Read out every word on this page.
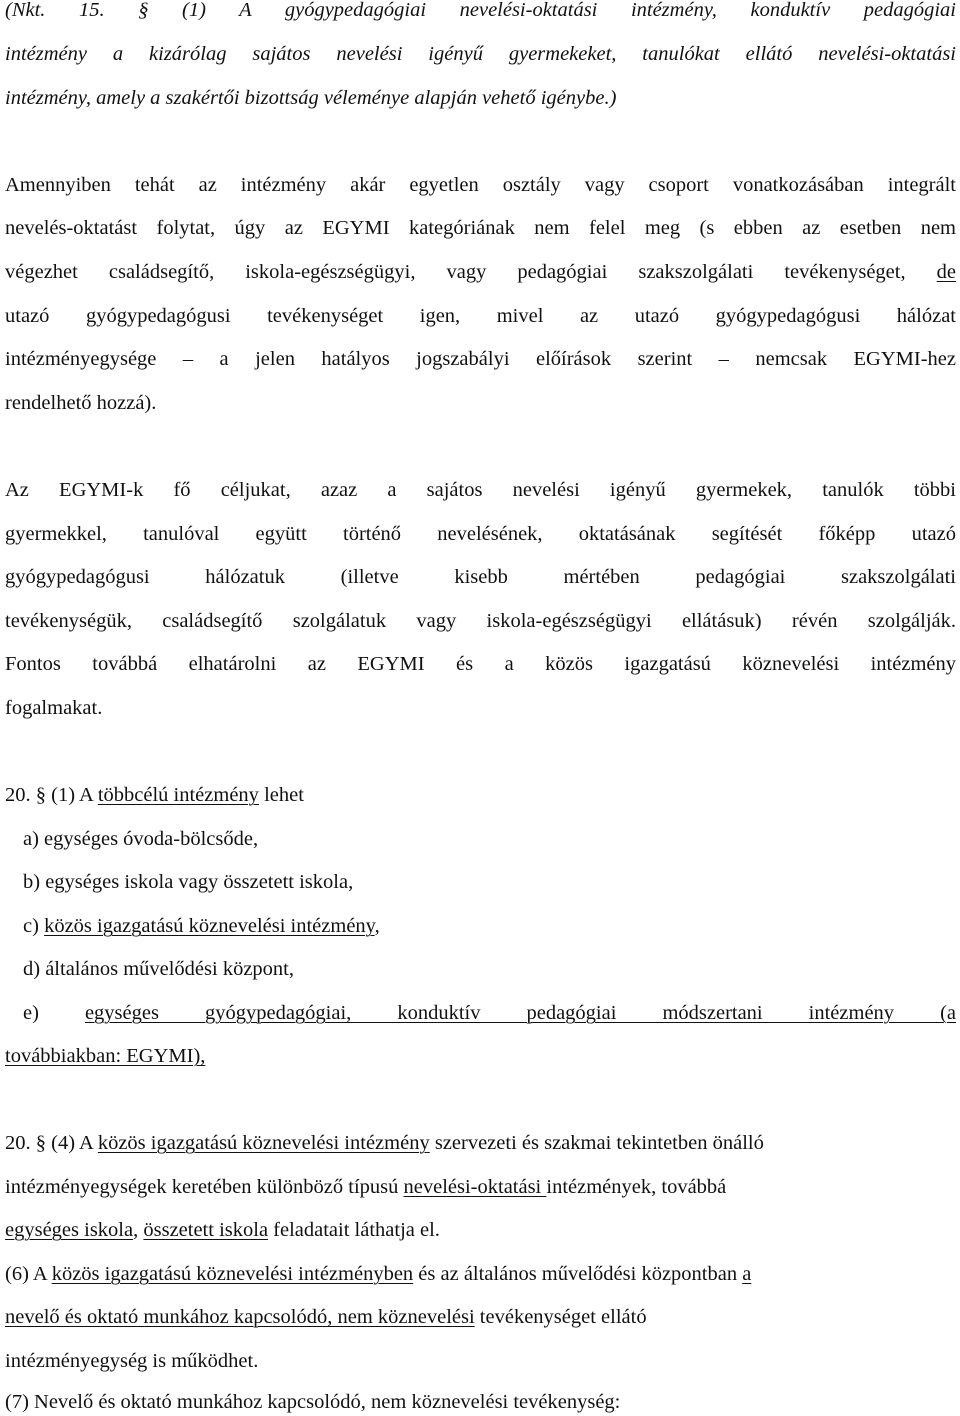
(Nkt. 15. § (1) A gyógypedagógiai nevelési-oktatási intézmény, konduktív pedagógiai
intézmény a kizárólag sajátos nevelési igényű gyermekeket, tanulókat ellátó nevelési-oktatási
intézmény, amely a szakértői bizottság véleménye alapján vehető igénybe.)
Amennyiben tehát az intézmény akár egyetlen osztály vagy csoport vonatkozásában integrált
nevelés-oktatást folytat, úgy az EGYMI kategóriának nem felel meg (s ebben az esetben nem
végezhet családsegítő, iskola-egészségügyi, vagy pedagógiai szakszolgálati tevékenységet, de
utazó gyógypedagógusi tevékenységet igen, mivel az utazó gyógypedagógusi hálózat
intézményegysége – a jelen hatályos jogszabályi előírások szerint – nemcsak EGYMI-hez
rendelhető hozzá).
Az EGYMI-k fő céljukat, azaz a sajátos nevelési igényű gyermekek, tanulók többi
gyermekkel, tanulóval együtt történő nevelésének, oktatásának segítését főképp utazó
gyógypedagógusi hálózatuk (illetve kisebb mértében pedagógiai szakszolgálati
tevékenységük, családsegítő szolgálatuk vagy iskola-egészségügyi ellátásuk) révén szolgálják.
Fontos továbbá elhatárolni az EGYMI és a közös igazgatású köznevelési intézmény
fogalmakat.
20. § (1) A többcélú intézmény lehet
a) egységes óvoda-bölcsőde,
b) egységes iskola vagy összetett iskola,
c) közös igazgatású köznevelési intézmény,
d) általános művelődési központ,
e) egységes gyógypedagógiai, konduktív pedagógiai módszertani intézmény (a
továbbiakban: EGYMI),
20. § (4) A közös igazgatású köznevelési intézmény szervezeti és szakmai tekintetben önálló
intézményegységek keretében különböző típusú nevelési-oktatási intézmények, továbbá
egységes iskola, összetett iskola feladatait láthatja el.
(6) A közös igazgatású köznevelési intézményben és az általános művelődési központban a
nevelő és oktató munkához kapcsolódó, nem köznevelési tevékenységet ellátó
intézményegység is működhet.
(7) Nevelő és oktató munkához kapcsolódó, nem köznevelési tevékenység:
